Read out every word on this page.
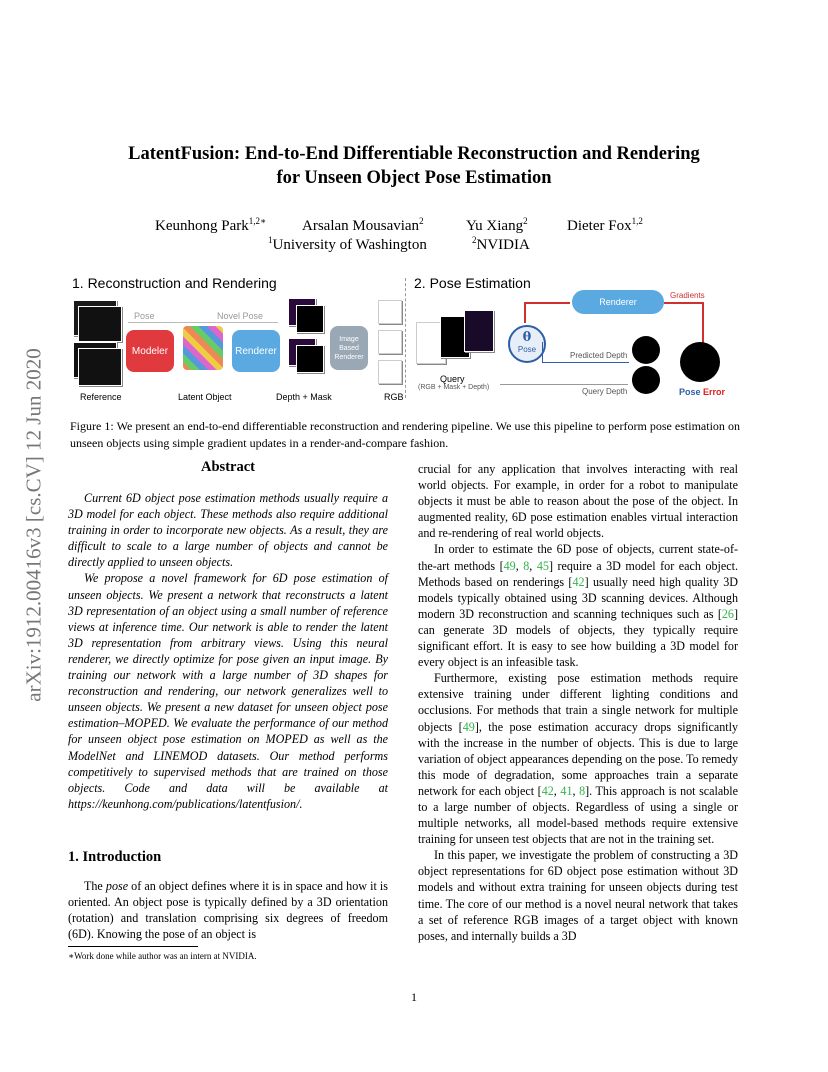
arXiv:1912.00416v3 [cs.CV] 12 Jun 2020
LatentFusion: End-to-End Differentiable Reconstruction and Rendering
for Unseen Object Pose Estimation
Keunhong Park$^{1,2∗}$ Arsalan Mousavian$^2$	Yu Xiang$^2$	Dieter Fox$^{1,2}$
$^1$University of Washington	$^2$NVIDIA
1. Reconstruction and Rendering	2. Pose Estimation
Reference
Pose	Novel Pose
Modeler
Latent Object
Renderer
Depth + Mask
Image Based Renderer
RGB
Query
(RGB + Mask + Depth)
θ
Pose
Renderer
Gradients
Predicted Depth
Query Depth	Pose Error
Figure 1: We present an end-to-end differentiable reconstruction and rendering pipeline. We use this pipeline to perform pose estimation on unseen objects using simple gradient updates in a render-and-compare fashion.
Abstract

Current 6D object pose estimation methods usually require a 3D model for each object. These methods also require additional training in order to incorporate new objects. As a result, they are difficult to scale to a large number of objects and cannot be directly applied to unseen objects.

We propose a novel framework for 6D pose estimation of unseen objects. We present a network that reconstructs a latent 3D representation of an object using a small number of reference views at inference time. Our network is able to render the latent 3D representation from arbitrary views. Using this neural renderer, we directly optimize for pose given an input image. By training our network with a large number of 3D shapes for reconstruction and rendering, our network generalizes well to unseen objects. We present a new dataset for unseen object pose estimation–MOPED. We evaluate the performance of our method for unseen object pose estimation on MOPED as well as the ModelNet and LINEMOD datasets. Our method performs competitively to supervised methods that are trained on those objects. Code and data will be available at https://keunhong.com/publications/latentfusion/.

1. Introduction

The pose of an object defines where it is in space and how it is oriented. An object pose is typically defined by a 3D orientation (rotation) and translation comprising six degrees of freedom (6D). Knowing the pose of an object is

∗Work done while author was an intern at NVIDIA.

crucial for any application that involves interacting with real world objects. For example, in order for a robot to manipulate objects it must be able to reason about the pose of the object. In augmented reality, 6D pose estimation enables virtual interaction and re-rendering of real world objects.

In order to estimate the 6D pose of objects, current state-of-the-art methods [49, 8, 45] require a 3D model for each object. Methods based on renderings [42] usually need high quality 3D models typically obtained using 3D scanning devices. Although modern 3D reconstruction and scanning techniques such as [26] can generate 3D models of objects, they typically require significant effort. It is easy to see how building a 3D model for every object is an infeasible task.

Furthermore, existing pose estimation methods require extensive training under different lighting conditions and occlusions. For methods that train a single network for multiple objects [49], the pose estimation accuracy drops significantly with the increase in the number of objects. This is due to large variation of object appearances depending on the pose. To remedy this mode of degradation, some approaches train a separate network for each object [42, 41, 8]. This approach is not scalable to a large number of objects. Regardless of using a single or multiple networks, all model-based methods require extensive training for unseen test objects that are not in the training set.

In this paper, we investigate the problem of constructing a 3D object representations for 6D object pose estimation without 3D models and without extra training for unseen objects during test time. The core of our method is a novel neural network that takes a set of reference RGB images of a target object with known poses, and internally builds a 3D

1
